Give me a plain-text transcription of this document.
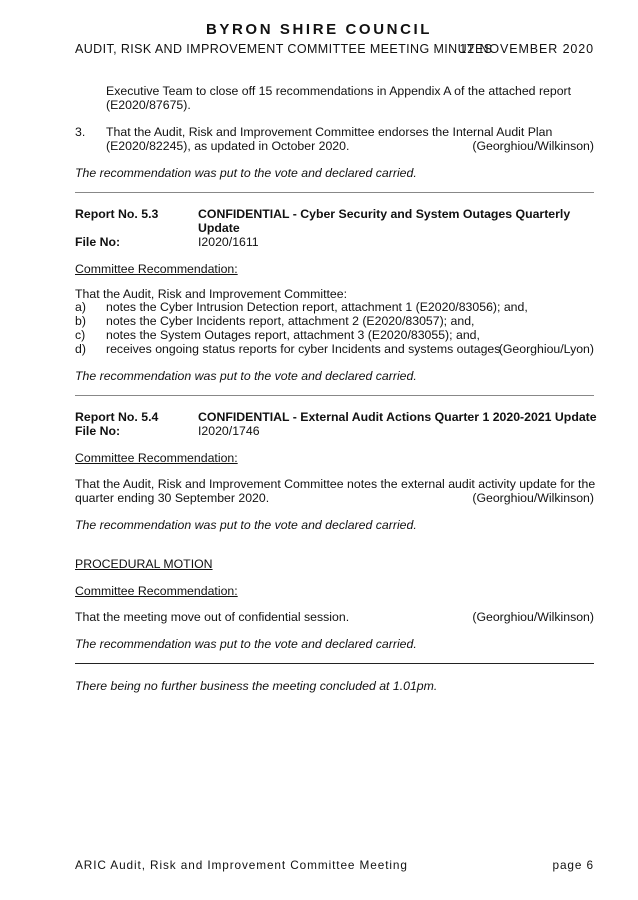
BYRON SHIRE COUNCIL
AUDIT, RISK AND IMPROVEMENT COMMITTEE MEETING MINUTES
12 NOVEMBER 2020
Executive Team to close off 15 recommendations in Appendix A of the attached report
(E2020/87675).
3. That the Audit, Risk and Improvement Committee endorses the Internal Audit Plan
(E2020/82245), as updated in October 2020.	(Georghiou/Wilkinson)
The recommendation was put to the vote and declared carried.
Report No. 5.3	CONFIDENTIAL - Cyber Security and System Outages Quarterly
Update
File No:	I2020/1611
Committee Recommendation:
That the Audit, Risk and Improvement Committee:
a) notes the Cyber Intrusion Detection report, attachment 1 (E2020/83056); and,
b) notes the Cyber Incidents report, attachment 2 (E2020/83057); and,
c) notes the System Outages report, attachment 3 (E2020/83055); and,
d) receives ongoing status reports for cyber Incidents and systems outages
(Georghiou/Lyon)
The recommendation was put to the vote and declared carried.
Report No. 5.4	CONFIDENTIAL - External Audit Actions Quarter 1 2020-2021 Update
File No:	I2020/1746
Committee Recommendation:
That the Audit, Risk and Improvement Committee notes the external audit activity update for the
quarter ending 30 September 2020.	(Georghiou/Wilkinson)
The recommendation was put to the vote and declared carried.
PROCEDURAL MOTION
Committee Recommendation:
That the meeting move out of confidential session.	(Georghiou/Wilkinson)
The recommendation was put to the vote and declared carried.
There being no further business the meeting concluded at 1.01pm.
ARIC Audit, Risk and Improvement Committee Meeting	page 6
